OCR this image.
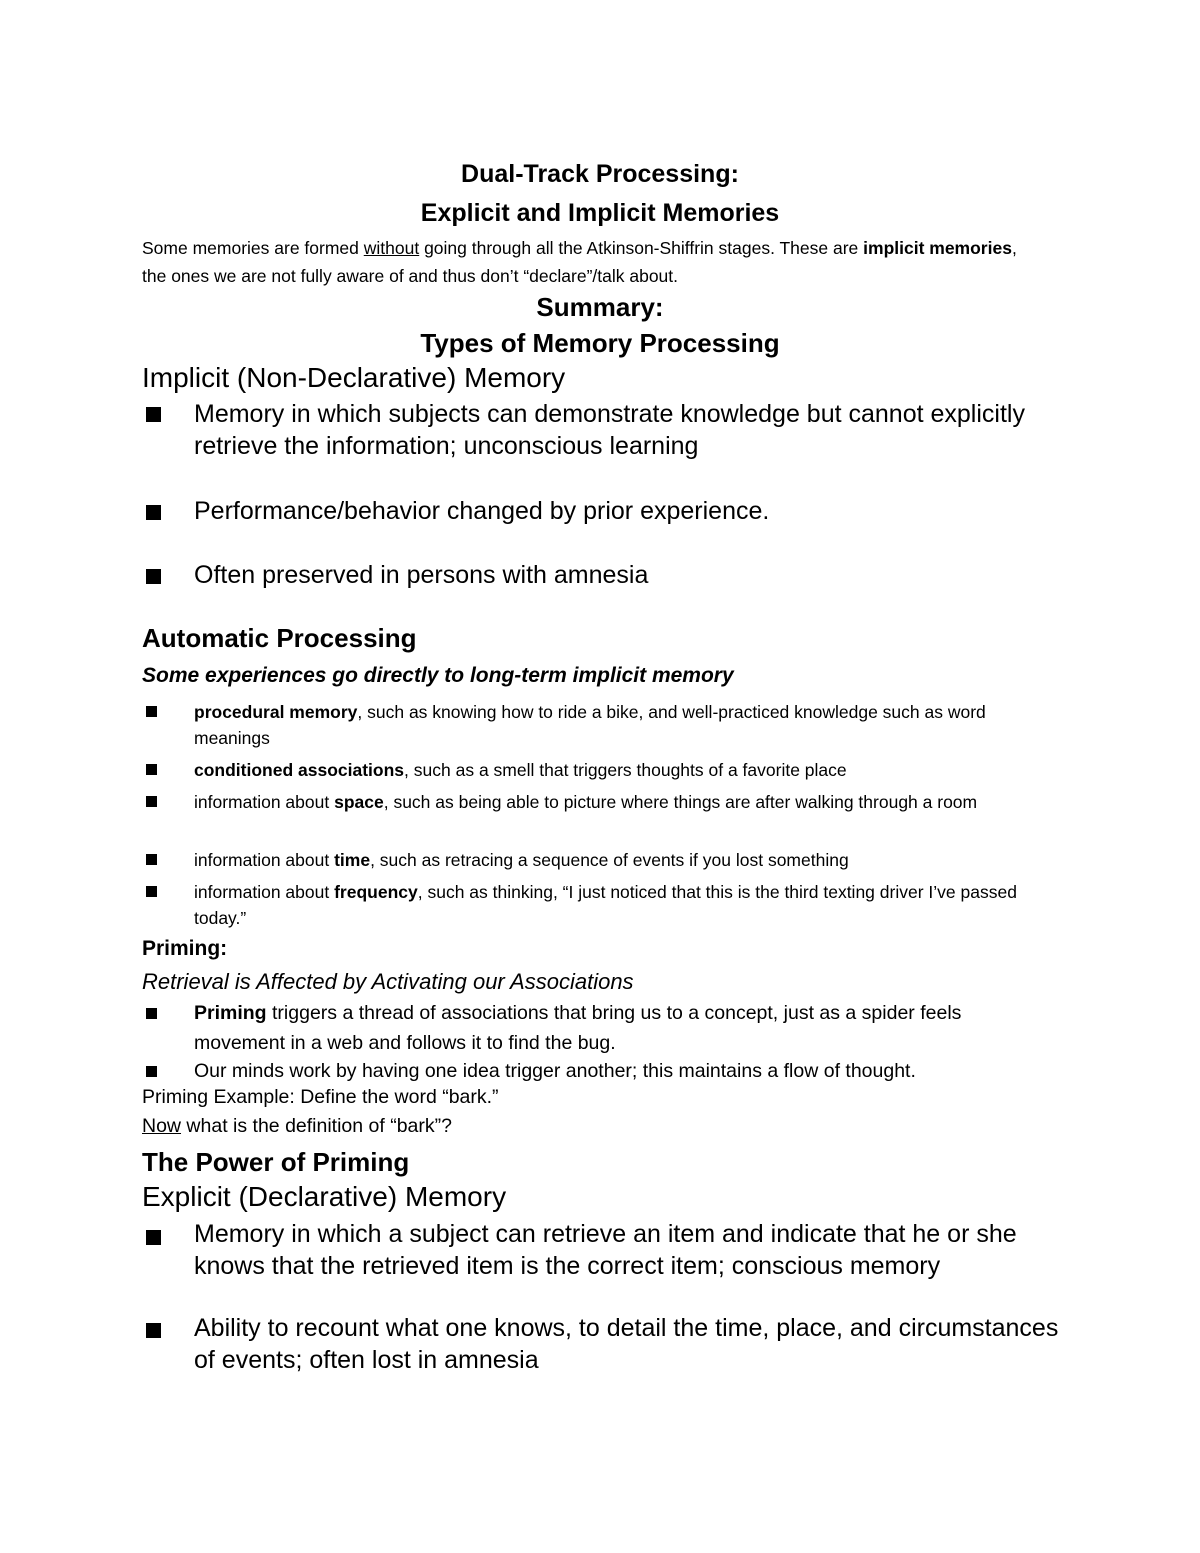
Dual-Track Processing:

Explicit and Implicit Memories

Some memories are formed without going through all the Atkinson-Shiffrin stages. These are implicit memories, the ones we are not fully aware of and thus don’t “declare”/talk about.

Summary:

Types of Memory Processing

Implicit (Non-Declarative) Memory

Memory in which subjects can demonstrate knowledge but cannot explicitly retrieve the information; unconscious learning

Performance/behavior changed by prior experience.

Often preserved in persons with amnesia

Automatic Processing

Some experiences go directly to long-term implicit memory

procedural memory, such as knowing how to ride a bike, and well-practiced knowledge such as word meanings

conditioned associations, such as a smell that triggers thoughts of a favorite place

information about space, such as being able to picture where things are after walking through a room

information about time, such as retracing a sequence of events if you lost something

information about frequency, such as thinking, “I just noticed that this is the third texting driver I’ve passed today.”

Priming:

Retrieval is Affected by Activating our Associations

Priming triggers a thread of associations that bring us to a concept, just as a spider feels movement in a web and follows it to find the bug.

Our minds work by having one idea trigger another; this maintains a flow of thought.

Priming Example: Define the word “bark.”

Now what is the definition of “bark”?

The Power of Priming

Explicit (Declarative) Memory

Memory in which a subject can retrieve an item and indicate that he or she knows that the retrieved item is the correct item; conscious memory

Ability to recount what one knows, to detail the time, place, and circumstances of events; often lost in amnesia
